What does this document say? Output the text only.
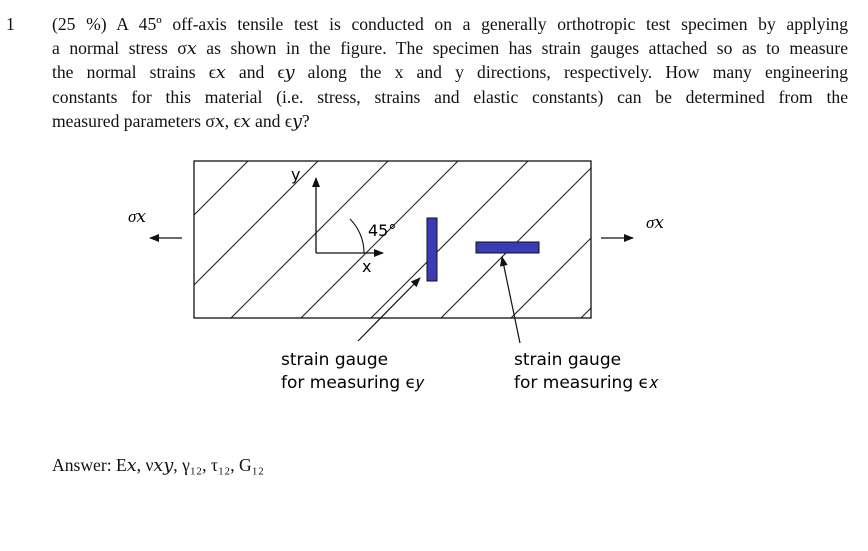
1 (25 %) A 45º off-axis tensile test is conducted on a generally orthotropic test specimen by applying
a normal stress σ𝑥 as shown in the figure. The specimen has strain gauges attached so as to measure
the normal strains ϵ𝑥 and ϵ𝑦 along the x and y directions, respectively. How many engineering
constants for this material (i.e. stress, strains and elastic constants) can be determined from the
measured parameters σ𝑥, ϵ𝑥 and ϵ𝑦?
σ𝑥	σ𝑥
y
x
45°
strain gauge
for measuring ϵ𝑦
strain gauge
for measuring ϵ𝑥
Answer: E𝑥, ν𝑥𝑦, γ₁₂, τ₁₂, G₁₂
